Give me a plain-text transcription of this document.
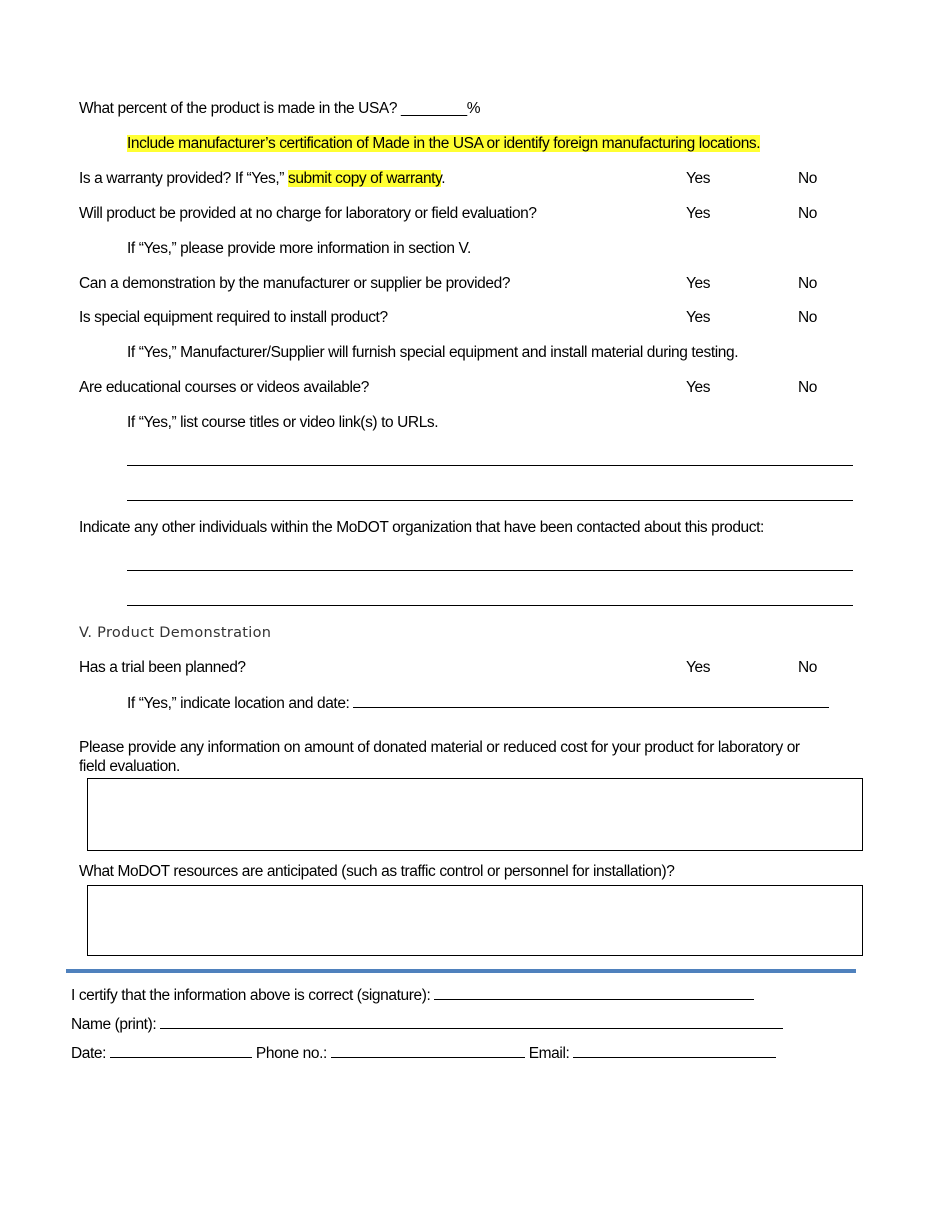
What percent of the product is made in the USA? ________%
Include manufacturer’s certification of Made in the USA or identify foreign manufacturing locations.
Is a warranty provided? If “Yes,” submit copy of warranty.	Yes	No
Will product be provided at no charge for laboratory or field evaluation?	Yes	No
If “Yes,” please provide more information in section V.
Can a demonstration by the manufacturer or supplier be provided?	Yes	No
Is special equipment required to install product?	Yes	No
If “Yes,” Manufacturer/Supplier will furnish special equipment and install material during testing.
Are educational courses or videos available?	Yes	No
If “Yes,” list course titles or video link(s) to URLs.
Indicate any other individuals within the MoDOT organization that have been contacted about this product:
V. Product Demonstration
Has a trial been planned?	Yes	No
If “Yes,” indicate location and date:
Please provide any information on amount of donated material or reduced cost for your product for laboratory or
field evaluation.
What MoDOT resources are anticipated (such as traffic control or personnel for installation)?
I certify that the information above is correct (signature):
Name (print):
Date:	Phone no.:	Email:
